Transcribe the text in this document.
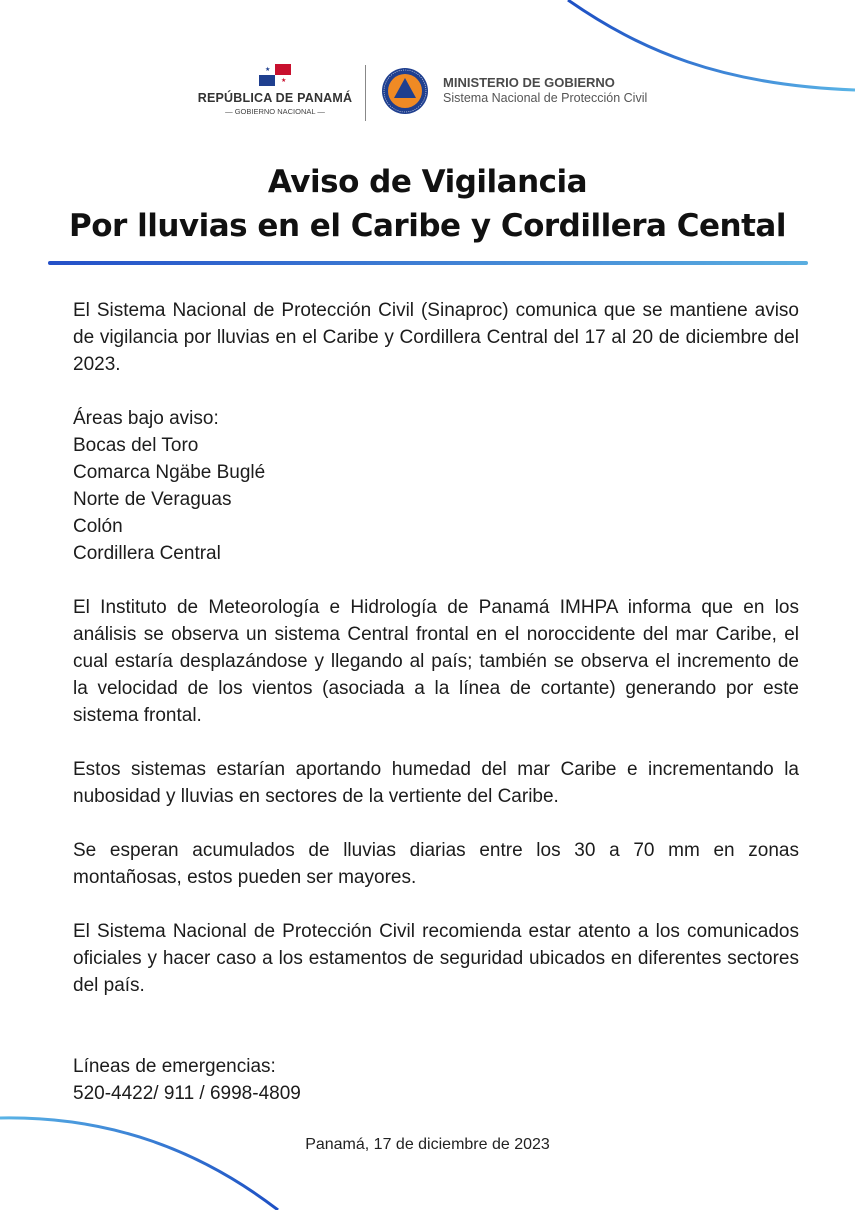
★
★
REPÚBLICA DE PANAMÁ
— GOBIERNO NACIONAL —
MINISTERIO DE GOBIERNO
Sistema Nacional de Protección Civil
Aviso de Vigilancia
Por lluvias en el Caribe y Cordillera Cental

El Sistema Nacional de Protección Civil (Sinaproc) comunica que se mantiene aviso de vigilancia por lluvias en el Caribe y Cordillera Central del 17 al 20 de diciembre del 2023.

Áreas bajo aviso:
Bocas del Toro
Comarca Ngäbe Buglé
Norte de Veraguas
Colón
Cordillera Central

El Instituto de Meteorología e Hidrología de Panamá IMHPA informa que en los análisis se observa un sistema Central frontal en el noroccidente del mar Caribe, el cual estaría desplazándose y llegando al país; también se observa el incremento de la velocidad de los vientos (asociada a la línea de cortante) generando por este sistema frontal.

Estos sistemas estarían aportando humedad del mar Caribe e incrementando la nubosidad y lluvias en sectores de la vertiente del Caribe.

Se esperan acumulados de lluvias diarias entre los 30 a 70 mm en zonas montañosas, estos pueden ser mayores.

El Sistema Nacional de Protección Civil recomienda estar atento a los comunicados oficiales y hacer caso a los estamentos de seguridad ubicados en diferentes sectores del país.

Líneas de emergencias:
520-4422/ 911 / 6998-4809
Panamá, 17 de diciembre de 2023
